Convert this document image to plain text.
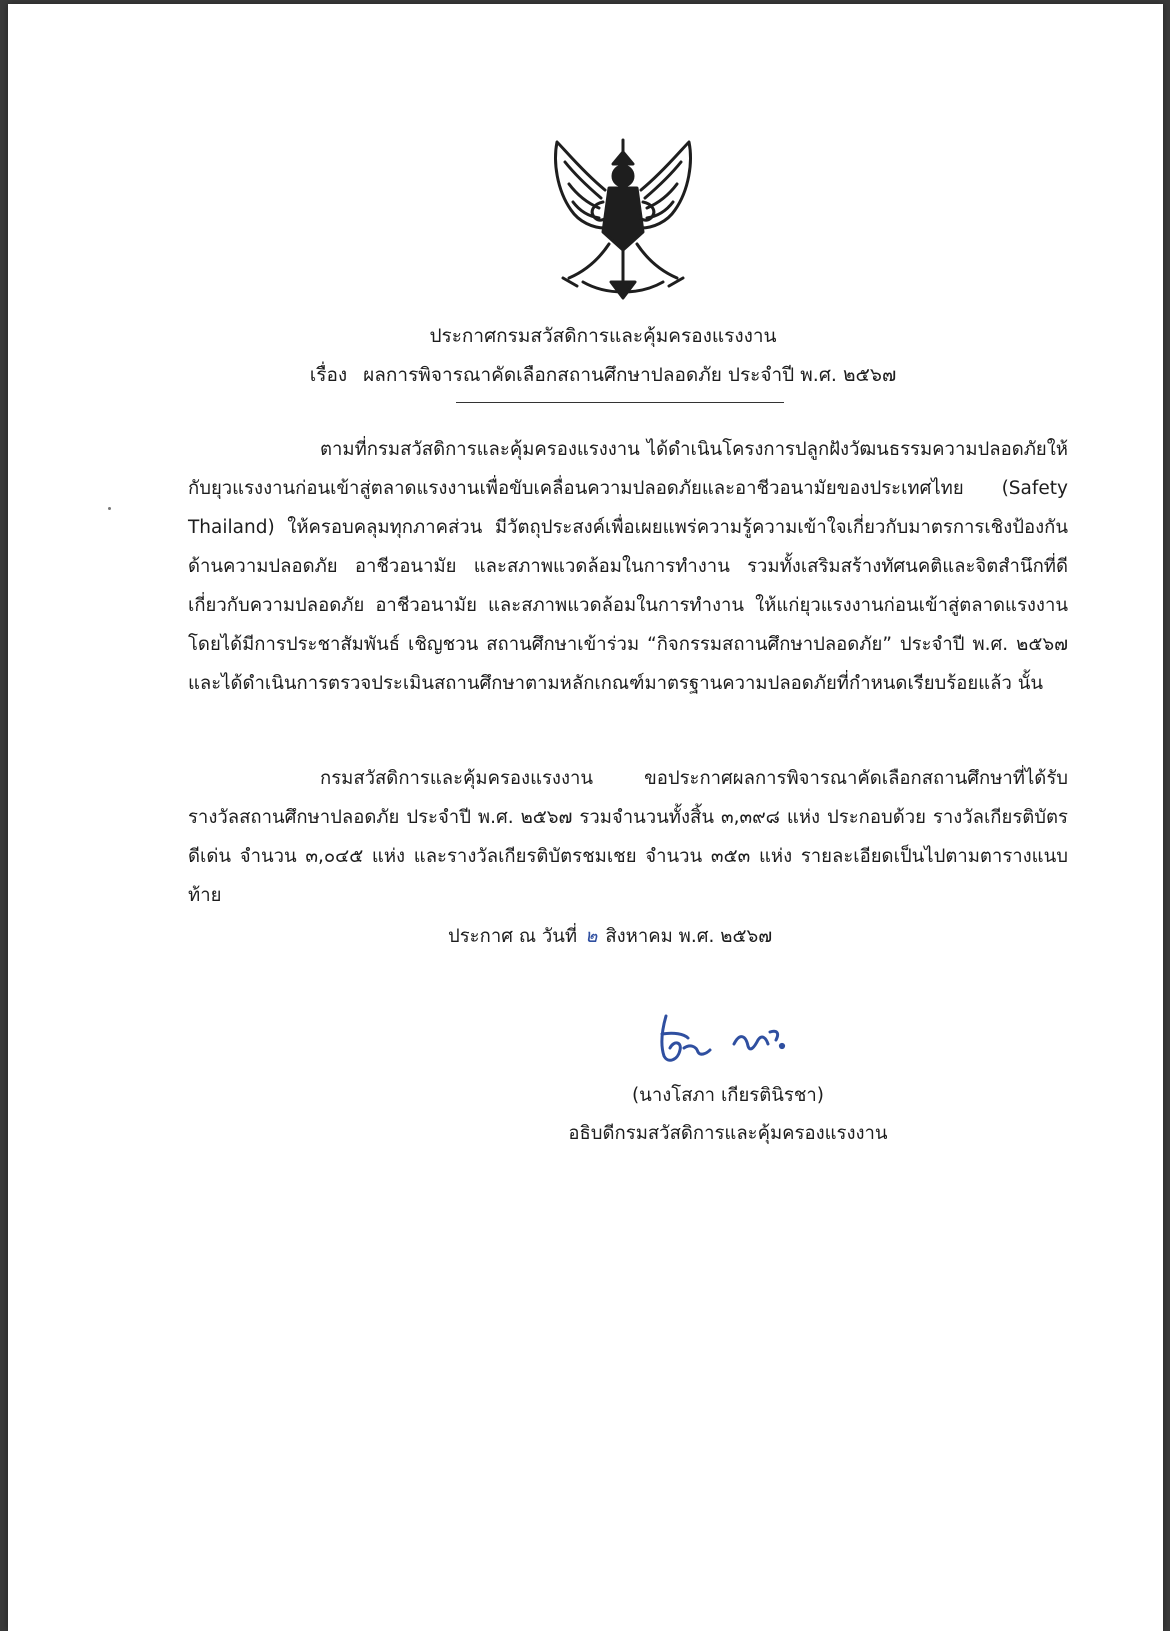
ประกาศกรมสวัสดิการและคุ้มครองแรงงาน
เรื่อง ผลการพิจารณาคัดเลือกสถานศึกษาปลอดภัย ประจำปี พ.ศ. ๒๕๖๗

ตามที่กรมสวัสดิการและคุ้มครองแรงงาน ได้ดำเนินโครงการปลูกฝังวัฒนธรรมความปลอดภัยให้กับยุวแรงงานก่อนเข้าสู่ตลาดแรงงานเพื่อขับเคลื่อนความปลอดภัยและอาชีวอนามัยของประเทศไทย (Safety Thailand) ให้ครอบคลุมทุกภาคส่วน มีวัตถุประสงค์เพื่อเผยแพร่ความรู้ความเข้าใจเกี่ยวกับมาตรการเชิงป้องกันด้านความปลอดภัย อาชีวอนามัย และสภาพแวดล้อมในการทำงาน รวมทั้งเสริมสร้างทัศนคติและจิตสำนึกที่ดีเกี่ยวกับความปลอดภัย อาชีวอนามัย และสภาพแวดล้อมในการทำงาน ให้แก่ยุวแรงงานก่อนเข้าสู่ตลาดแรงงาน โดยได้มีการประชาสัมพันธ์ เชิญชวน สถานศึกษาเข้าร่วม “กิจกรรมสถานศึกษาปลอดภัย” ประจำปี พ.ศ. ๒๕๖๗ และได้ดำเนินการตรวจประเมินสถานศึกษาตามหลักเกณฑ์มาตรฐานความปลอดภัยที่กำหนดเรียบร้อยแล้ว นั้น

กรมสวัสดิการและคุ้มครองแรงงาน ขอประกาศผลการพิจารณาคัดเลือกสถานศึกษาที่ได้รับรางวัลสถานศึกษาปลอดภัย ประจำปี พ.ศ. ๒๕๖๗ รวมจำนวนทั้งสิ้น ๓,๓๙๘ แห่ง ประกอบด้วย รางวัลเกียรติบัตรดีเด่น จำนวน ๓,๐๔๕ แห่ง และรางวัลเกียรติบัตรชมเชย จำนวน ๓๕๓ แห่ง รายละเอียดเป็นไปตามตารางแนบท้าย

ประกาศ ณ วันที่ ๒ สิงหาคม พ.ศ. ๒๕๖๗
(นางโสภา เกียรตินิรชา)
อธิบดีกรมสวัสดิการและคุ้มครองแรงงาน
